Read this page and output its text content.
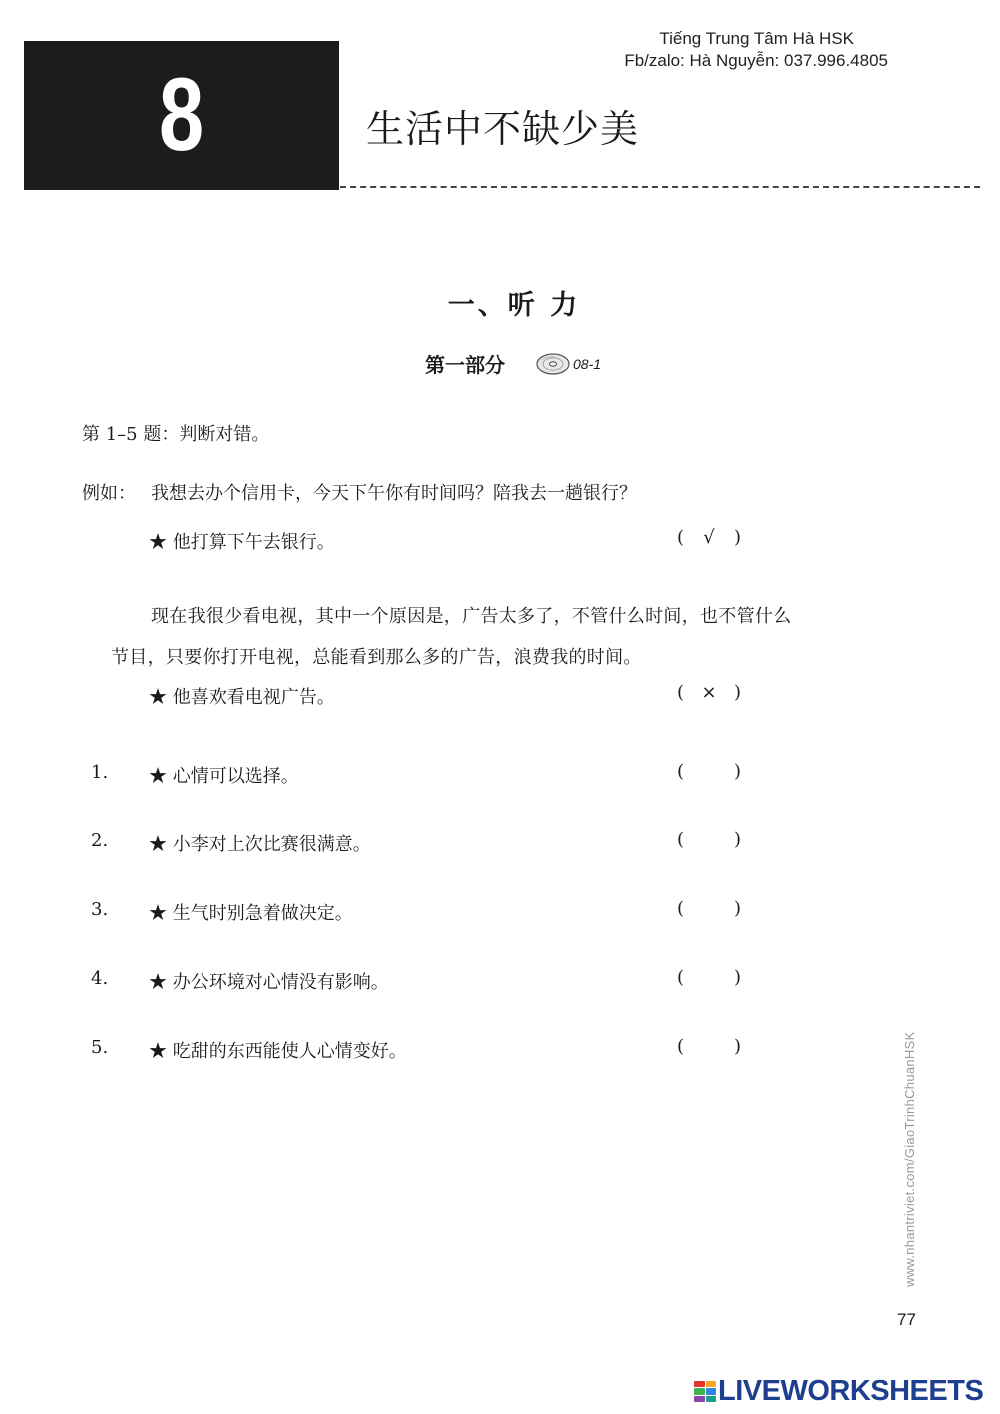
8	生活中不缺少美
Tiếng Trung Tâm Hà HSK
Fb/zalo: Hà Nguyễn: 037.996.4805
一、听 力
第一部分	08-1
第 1–5 题：判断对错。
例如： 我想去办个信用卡，今天下午你有时间吗？陪我去一趟银行？
★ 他打算下午去银行。	( √ )
现在我很少看电视，其中一个原因是，广告太多了，不管什么时间，也不管什么
节目，只要你打开电视，总能看到那么多的广告，浪费我的时间。
★ 他喜欢看电视广告。	( × )
1. ★ 心情可以选择。	(	)
2. ★ 小李对上次比赛很满意。	(	)
3. ★ 生气时别急着做决定。	(	)
4. ★ 办公环境对心情没有影响。	(	)
5. ★ 吃甜的东西能使人心情变好。	(	)	www.nhantriviet.com/GiaoTrinhChuanHSK
77
LIVEWORKSHEETS
